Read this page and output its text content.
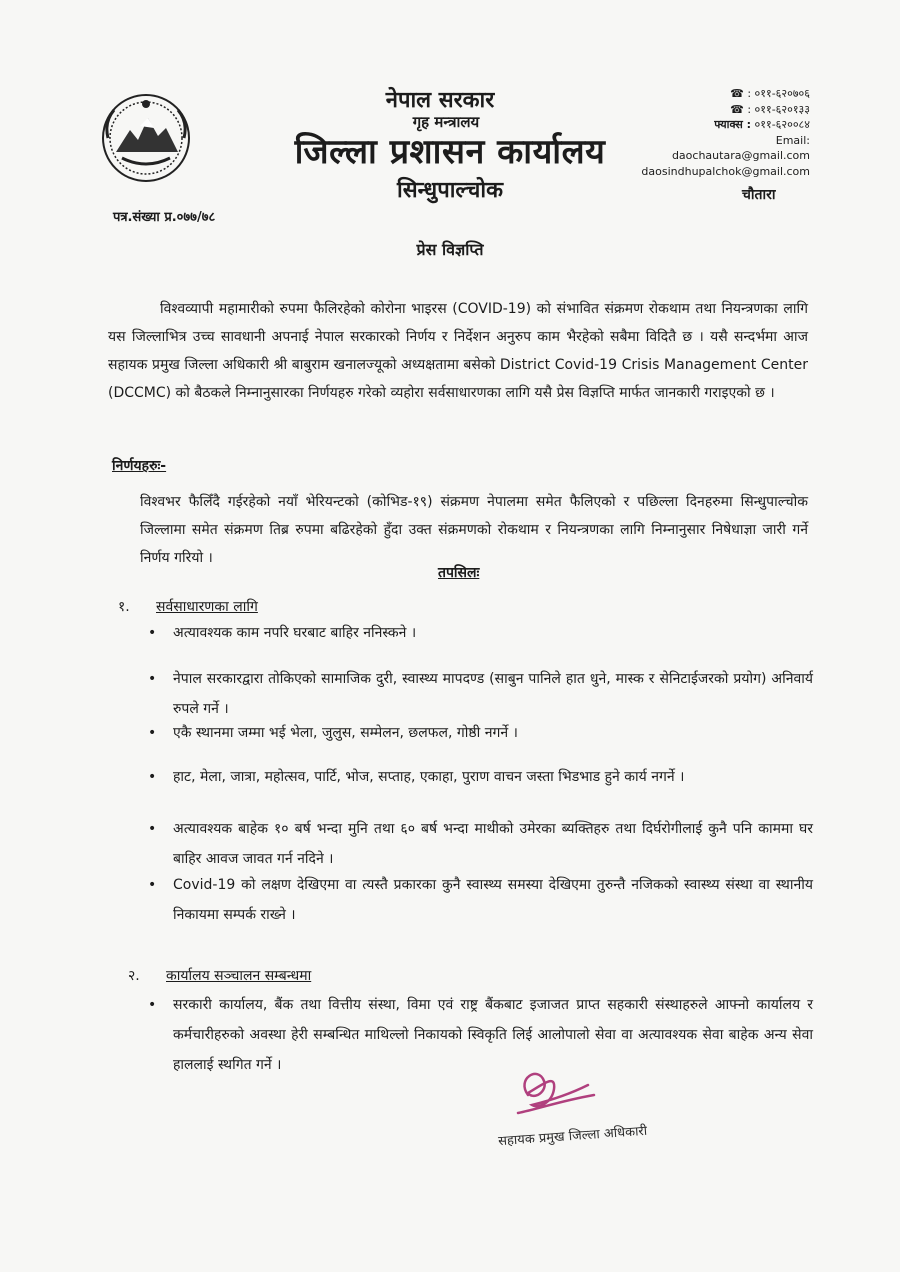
नेपाल सरकार
गृह मन्त्रालय
जिल्ला प्रशासन कार्यालय
सिन्धुपाल्चोक
☎ : ०११-६२०७०६
☎ : ०११-६२०१३३
फ्याक्स : ०११-६२००८४
Email: daochautara@gmail.com
daosindhupalchok@gmail.com
चौतारा
पत्र.संख्या प्र.०७७/७८
प्रेस विज्ञप्ति
विश्वव्यापी महामारीको रुपमा फैलिरहेको कोरोना भाइरस (COVID-19) को संभावित संक्रमण रोकथाम तथा नियन्त्रणका लागि यस जिल्लाभित्र उच्च सावधानी अपनाई नेपाल सरकारको निर्णय र निर्देशन अनुरुप काम भैरहेको सबैमा विदितै छ । यसै सन्दर्भमा आज सहायक प्रमुख जिल्ला अधिकारी श्री बाबुराम खनालज्यूको अध्यक्षतामा बसेको District Covid-19 Crisis Management Center (DCCMC) को बैठकले निम्नानुसारका निर्णयहरु गरेको व्यहोरा सर्वसाधारणका लागि यसै प्रेस विज्ञप्ति मार्फत जानकारी गराइएको छ ।
निर्णयहरुः-
विश्वभर फैलिँदै गईरहेको नयाँ भेरियन्टको (कोभिड-१९) संक्रमण नेपालमा समेत फैलिएको र पछिल्ला दिनहरुमा सिन्धुपाल्चोक जिल्लामा समेत संक्रमण तिब्र रुपमा बढिरहेको हुँदा उक्त संक्रमणको रोकथाम र नियन्त्रणका लागि निम्नानुसार निषेधाज्ञा जारी गर्ने निर्णय गरियो ।
तपसिलः
१. सर्वसाधारणका लागि
• अत्यावश्यक काम नपरि घरबाट बाहिर ननिस्कने ।
• नेपाल सरकारद्वारा तोकिएको सामाजिक दुरी, स्वास्थ्य मापदण्ड (साबुन पानिले हात धुने, मास्क र सेनिटाईजरको प्रयोग) अनिवार्य रुपले गर्ने ।
• एकै स्थानमा जम्मा भई भेला, जुलुस, सम्मेलन, छलफल, गोष्ठी नगर्ने ।
• हाट, मेला, जात्रा, महोत्सव, पार्टि, भोज, सप्ताह, एकाहा, पुराण वाचन जस्ता भिडभाड हुने कार्य नगर्ने ।
• अत्यावश्यक बाहेक १० बर्ष भन्दा मुनि तथा ६० बर्ष भन्दा माथीको उमेरका ब्यक्तिहरु तथा दिर्घरोगीलाई कुनै पनि काममा घर बाहिर आवज जावत गर्न नदिने ।
• Covid-19 को लक्षण देखिएमा वा त्यस्तै प्रकारका कुनै स्वास्थ्य समस्या देखिएमा तुरुन्तै नजिकको स्वास्थ्य संस्था वा स्थानीय निकायमा सम्पर्क राख्ने ।
२. कार्यालय सञ्चालन सम्बन्धमा
• सरकारी कार्यालय, बैंक तथा वित्तीय संस्था, विमा एवं राष्ट्र बैंकबाट इजाजत प्राप्त सहकारी संस्थाहरुले आफ्नो कार्यालय र कर्मचारीहरुको अवस्था हेरी सम्बन्धित माथिल्लो निकायको स्विकृति लिई आलोपालो सेवा वा अत्यावश्यक सेवा बाहेक अन्य सेवा हाललाई स्थगित गर्ने ।
सहायक प्रमुख जिल्ला अधिकारी
